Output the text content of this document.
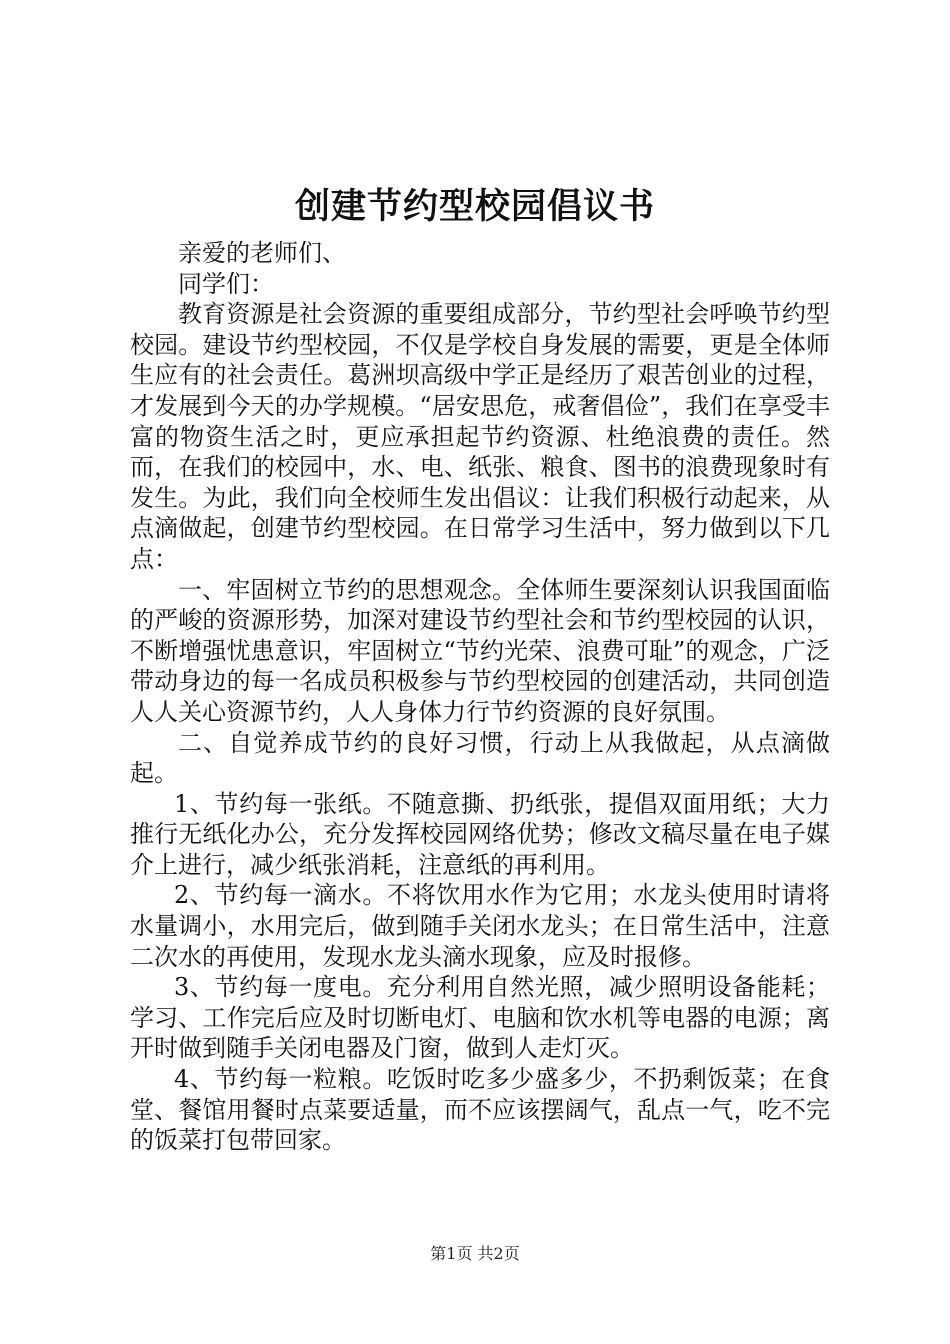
创建节约型校园倡议书

亲爱的老师们、

同学们：

教育资源是社会资源的重要组成部分，节约型社会呼唤节约型校园。建设节约型校园，不仅是学校自身发展的需要，更是全体师生应有的社会责任。葛洲坝高级中学正是经历了艰苦创业的过程，才发展到今天的办学规模。“居安思危，戒奢倡俭”，我们在享受丰富的物资生活之时，更应承担起节约资源、杜绝浪费的责任。然而，在我们的校园中，水、电、纸张、粮食、图书的浪费现象时有发生。为此，我们向全校师生发出倡议：让我们积极行动起来，从点滴做起，创建节约型校园。在日常学习生活中，努力做到以下几点：

一、牢固树立节约的思想观念。全体师生要深刻认识我国面临的严峻的资源形势，加深对建设节约型社会和节约型校园的认识，不断增强忧患意识，牢固树立“节约光荣、浪费可耻”的观念，广泛带动身边的每一名成员积极参与节约型校园的创建活动，共同创造人人关心资源节约，人人身体力行节约资源的良好氛围。

二、自觉养成节约的良好习惯，行动上从我做起，从点滴做起。

1、节约每一张纸。不随意撕、扔纸张，提倡双面用纸；大力推行无纸化办公，充分发挥校园网络优势；修改文稿尽量在电子媒介上进行，减少纸张消耗，注意纸的再利用。

2、节约每一滴水。不将饮用水作为它用；水龙头使用时请将水量调小，水用完后，做到随手关闭水龙头；在日常生活中，注意二次水的再使用，发现水龙头滴水现象，应及时报修。

3、节约每一度电。充分利用自然光照，减少照明设备能耗；学习、工作完后应及时切断电灯、电脑和饮水机等电器的电源；离开时做到随手关闭电器及门窗，做到人走灯灭。

4、节约每一粒粮。吃饭时吃多少盛多少，不扔剩饭菜；在食堂、餐馆用餐时点菜要适量，而不应该摆阔气，乱点一气，吃不完的饭菜打包带回家。

第1页 共2页
